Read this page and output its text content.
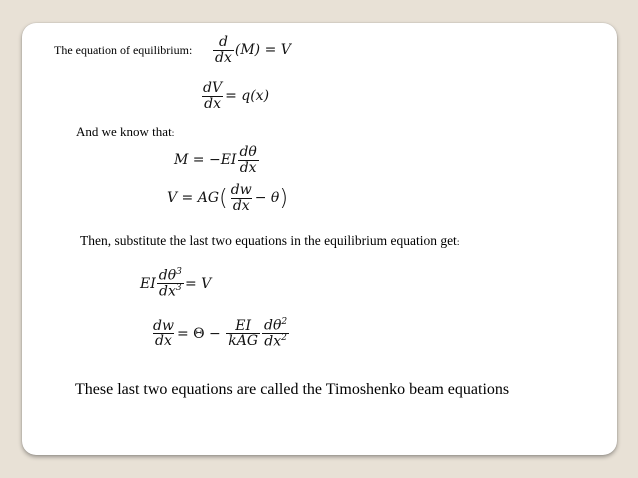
The equation of equilibrium: $\frac{d}{dx} (M) = V$
$\frac{dV}{dx} = q(x)$
And we know that:
$M = -EI \frac{d\theta}{dx}$
$V = AG( \frac{dw}{dx} - \theta)$
Then, substitute the last two equations in the equilibrium equation get:
EI $\frac{d\theta^3}{dx^3} = V$
$\frac{dw}{dx} = \Theta - \frac{EI}{\text{kAG}} \frac{d\theta^2}{dx^2}$
These last two equations are called the Timoshenko beam equations
